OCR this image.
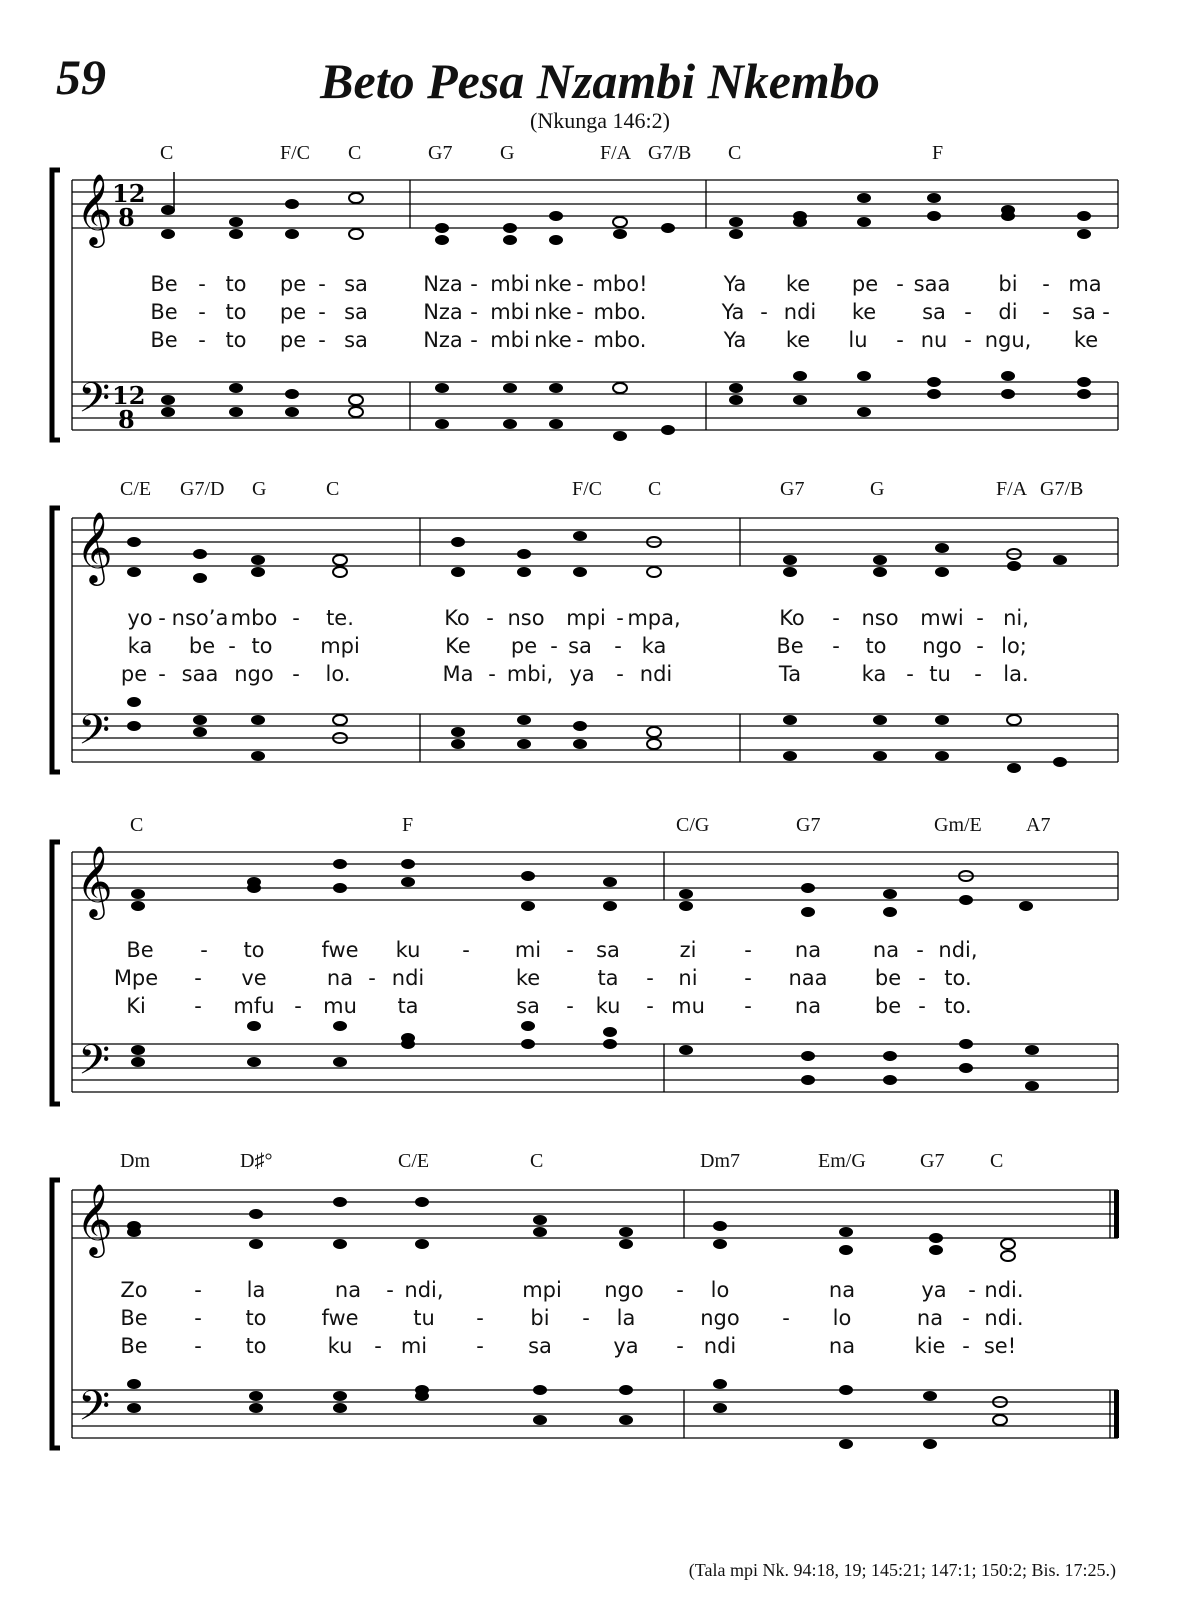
59	Beto Pesa Nzambi Nkembo
(Nkunga 146:2)
C	F/C C	G7 G	F/A G7/B C	F
𝄞
𝄢
12
8
12
8
Be - to pe - sa	Nza - mbi nke - mbo!	Ya ke pe - saa bi - ma
Be - to pe - sa	Nza - mbi nke - mbo.	Ya - ndi ke sa - di - sa -
Be - to pe - sa	Nza - mbi nke - mbo.	Ya ke lu - nu - ngu, ke
C/E G7/D G	C	F/C C	G7	G	F/A G7/B
𝄞
𝄢
yo - nso’a mbo - te.	Ko - nso mpi - mpa,	Ko - nso mwi - ni,
ka be - to mpi	Ke pe - sa - ka	Be - to ngo - lo;
pe - saa ngo - lo.	Ma - mbi, ya - ndi	Ta	ka - tu - la.
C	F	C/G	G7	Gm/E A7
𝄞
𝄢
Be - to	fwe ku - mi - sa	zi - na na - ndi,
Mpe - ve	na - ndi	ke	ta - ni - naa be - to.
Ki - mfu - mu ta	sa - ku - mu - na	be - to.
Dm	D♯°	C/E	C	Dm7	Em/G	G7 C
𝄞
𝄢
Zo - la	na - ndi,	mpi ngo - lo	na	ya - ndi.
Be - to	fwe	tu - bi - la	ngo - lo	na - ndi.
Be - to	ku - mi - sa	ya - ndi	na	kie - se!
(Tala mpi Nk. 94:18, 19; 145:21; 147:1; 150:2; Bis. 17:25.)
